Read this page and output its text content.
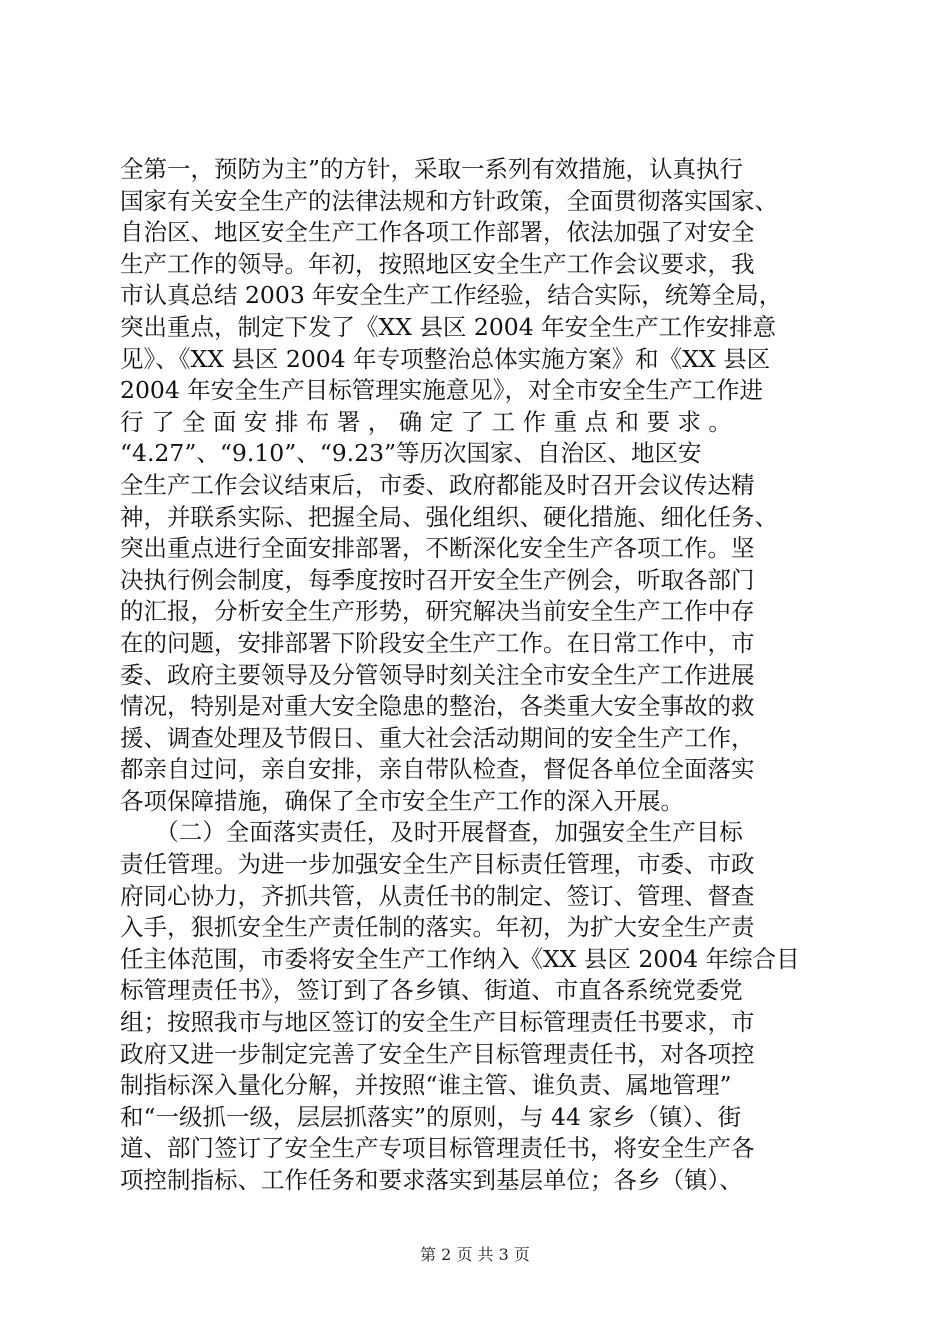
全第一，预防为主”的方针，采取一系列有效措施，认真执行
国家有关安全生产的法律法规和方针政策，全面贯彻落实国家、
自治区、地区安全生产工作各项工作部署，依法加强了对安全
生产工作的领导。年初，按照地区安全生产工作会议要求，我
市认真总结 2003 年安全生产工作经验，结合实际，统筹全局，
突出重点，制定下发了《XX 县区 2004 年安全生产工作安排意
见》、《XX 县区 2004 年专项整治总体实施方案》和《XX 县区
2004 年安全生产目标管理实施意见》，对全市安全生产工作进
行 了 全 面 安 排 布 署 ， 确 定 了 工 作 重 点 和 要 求 。
“4.27”、“9.10”、“9.23”等历次国家、自治区、地区安
全生产工作会议结束后，市委、政府都能及时召开会议传达精
神，并联系实际、把握全局、强化组织、硬化措施、细化任务、
突出重点进行全面安排部署，不断深化安全生产各项工作。坚
决执行例会制度，每季度按时召开安全生产例会，听取各部门
的汇报，分析安全生产形势，研究解决当前安全生产工作中存
在的问题，安排部署下阶段安全生产工作。在日常工作中，市
委、政府主要领导及分管领导时刻关注全市安全生产工作进展
情况，特别是对重大安全隐患的整治，各类重大安全事故的救
援、调查处理及节假日、重大社会活动期间的安全生产工作，
都亲自过问，亲自安排，亲自带队检查，督促各单位全面落实
各项保障措施，确保了全市安全生产工作的深入开展。
　　（二）全面落实责任，及时开展督查，加强安全生产目标
责任管理。为进一步加强安全生产目标责任管理，市委、市政
府同心协力，齐抓共管，从责任书的制定、签订、管理、督查
入手，狠抓安全生产责任制的落实。年初，为扩大安全生产责
任主体范围，市委将安全生产工作纳入《XX 县区 2004 年综合目
标管理责任书》，签订到了各乡镇、街道、市直各系统党委党
组；按照我市与地区签订的安全生产目标管理责任书要求，市
政府又进一步制定完善了安全生产目标管理责任书，对各项控
制指标深入量化分解，并按照“谁主管、谁负责、属地管理”
和“一级抓一级，层层抓落实”的原则，与 44 家乡（镇）、街
道、部门签订了安全生产专项目标管理责任书，将安全生产各
项控制指标、工作任务和要求落实到基层单位；各乡（镇）、
第 2 页 共 3 页
